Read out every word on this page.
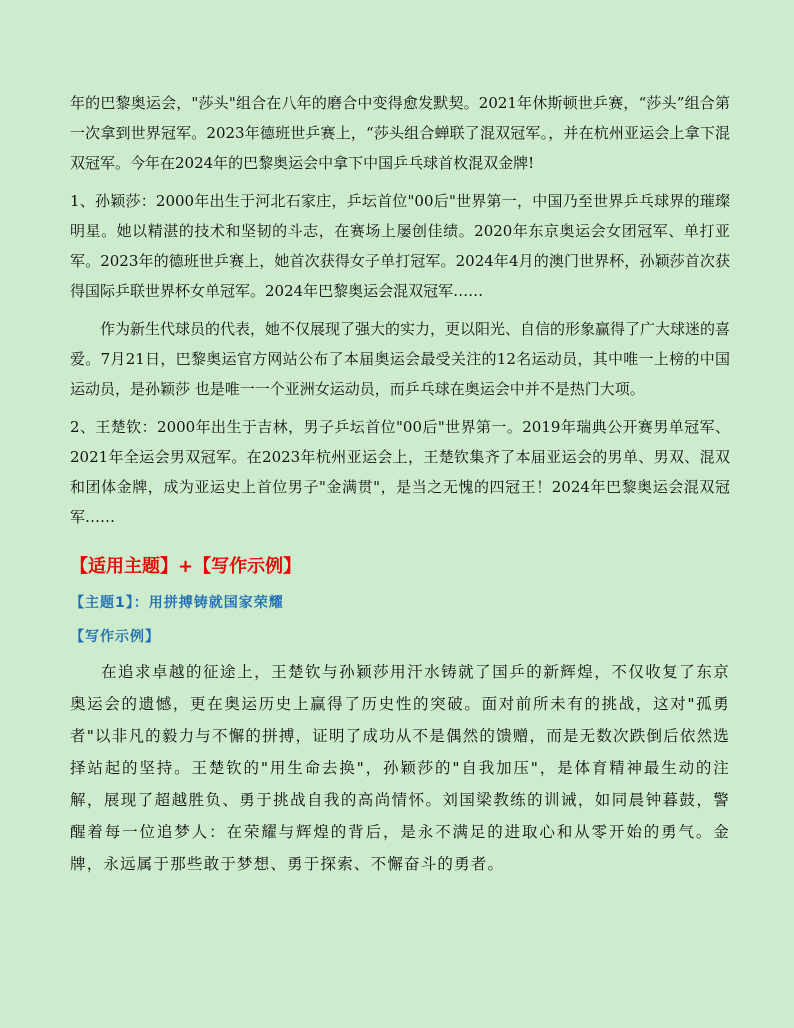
年的巴黎奥运会，"莎头"组合在八年的磨合中变得愈发默契。2021年休斯顿世乒赛，“莎头”组合第一次拿到世界冠军。2023年德班世乒赛上，“莎头组合蝉联了混双冠军。，并在杭州亚运会上拿下混双冠军。今年在2024年的巴黎奥运会中拿下中国乒乓球首枚混双金牌!

1、孙颖莎：2000年出生于河北石家庄，乒坛首位"00后"世界第一，中国乃至世界乒乓球界的璀璨明星。她以精湛的技术和坚韧的斗志，在赛场上屡创佳绩。2020年东京奥运会女团冠军、单打亚军。2023年的德班世乒赛上，她首次获得女子单打冠军。2024年4月的澳门世界杯，孙颖莎首次获得国际乒联世界杯女单冠军。2024年巴黎奥运会混双冠军……

作为新生代球员的代表，她不仅展现了强大的实力，更以阳光、自信的形象赢得了广大球迷的喜爱。7月21日，巴黎奥运官方网站公布了本届奥运会最受关注的12名运动员，其中唯一上榜的中国运动员，是孙颖莎 也是唯一一个亚洲女运动员，而乒乓球在奥运会中并不是热门大项。

2、王楚钦：2000年出生于吉林，男子乒坛首位"00后"世界第一。2019年瑞典公开赛男单冠军、2021年全运会男双冠军。在2023年杭州亚运会上，王楚钦集齐了本届亚运会的男单、男双、混双和团体金牌，成为亚运史上首位男子"金满贯"，是当之无愧的四冠王！2024年巴黎奥运会混双冠军……

【适用主题】+【写作示例】
【主题1】：用拼搏铸就国家荣耀
【写作示例】

在追求卓越的征途上，王楚钦与孙颖莎用汗水铸就了国乒的新辉煌，不仅收复了东京奥运会的遗憾，更在奥运历史上赢得了历史性的突破。面对前所未有的挑战，这对"孤勇者"以非凡的毅力与不懈的拼搏，证明了成功从不是偶然的馈赠，而是无数次跌倒后依然选择站起的坚持。王楚钦的"用生命去换"，孙颖莎的"自我加压"，是体育精神最生动的注解，展现了超越胜负、勇于挑战自我的高尚情怀。刘国梁教练的训诫，如同晨钟暮鼓，警醒着每一位追梦人：在荣耀与辉煌的背后，是永不满足的进取心和从零开始的勇气。金牌，永远属于那些敢于梦想、勇于探索、不懈奋斗的勇者。
